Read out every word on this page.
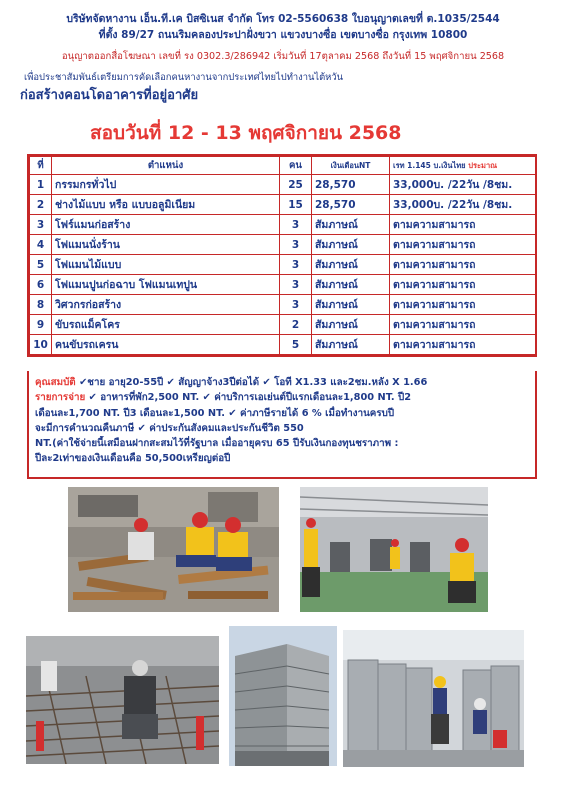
บริษัทจัดหางาน เอ็น.ที.เค บิสซิเนส จำกัด โทร 02-5560638 ใบอนุญาตเลขที่ ต.1035/2544
ที่ตั้ง 89/27 ถนนริมคลองประปาฝั่งขวา แขวงบางซื่อ เขตบางซื่อ กรุงเทพ 10800
อนุญาตออกสื่อโฆษณา เลขที่ รง 0302.3/286942 เริ่มวันที่ 17ตุลาคม 2568 ถึงวันที่ 15 พฤศจิกายน 2568
เพื่อประชาสัมพันธ์เตรียมการคัดเลือกคนหางานจากประเทศไทยไปทำงานไต้หวัน
ก่อสร้างคอนโดอาคารที่อยู่อาศัย
สอบวันที่ 12 - 13 พฤศจิกายน 2568
ที่	ตำแหน่ง	คน	เงินเดือนNT	เรท 1.145 บ.เงินไทย ประมาณ
1	กรรมกรทั่วไป	25	28,570	33,000บ. /22วัน /8ชม.
2	ช่างไม้แบบ หรือ แบบอลูมิเนียม	15	28,570	33,000บ. /22วัน /8ชม.
3	โฟร์แมนก่อสร้าง	3	สัมภาษณ์	ตามความสามารถ
4	โฟแมนนั่งร้าน	3	สัมภาษณ์	ตามความสามารถ
5	โฟแมนไม้แบบ	3	สัมภาษณ์	ตามความสามารถ
6	โฟแมนปูนก่อฉาบ โฟแมนเทปูน	3	สัมภาษณ์	ตามความสามารถ
8	วิศวกรก่อสร้าง	3	สัมภาษณ์	ตามความสามารถ
9	ขับรถแม็คโคร	2	สัมภาษณ์	ตามความสามารถ
10	คนขับรถเครน	5	สัมภาษณ์	ตามความสามารถ
คุณสมบัติ ✔ชาย อายุ20-55ปี ✔ สัญญาจ้าง3ปีต่อได้ ✔ โอที X1.33 และ2ชม.หลัง X 1.66
รายการจ่าย ✔ อาหารที่พัก2,500 NT. ✔ ค่าบริการเอเย่นต์ปีแรกเดือนละ1,800 NT. ปี2
เดือนละ1,700 NT. ปี3 เดือนละ1,500 NT. ✔ ค่าภาษีรายได้ 6 % เมื่อทำงานครบปี
จะมีการคำนวณคืนภาษี ✔ ค่าประกันสังคมและประกันชีวิต 550
NT.(ค่าใช้จ่ายนี้เสมือนฝากสะสมไว้ที่รัฐบาล เมื่ออายุครบ 65 ปีรับเงินกองทุนชราภาพ :
ปีละ2เท่าของเงินเดือนคือ 50,500เหรียญต่อปี
